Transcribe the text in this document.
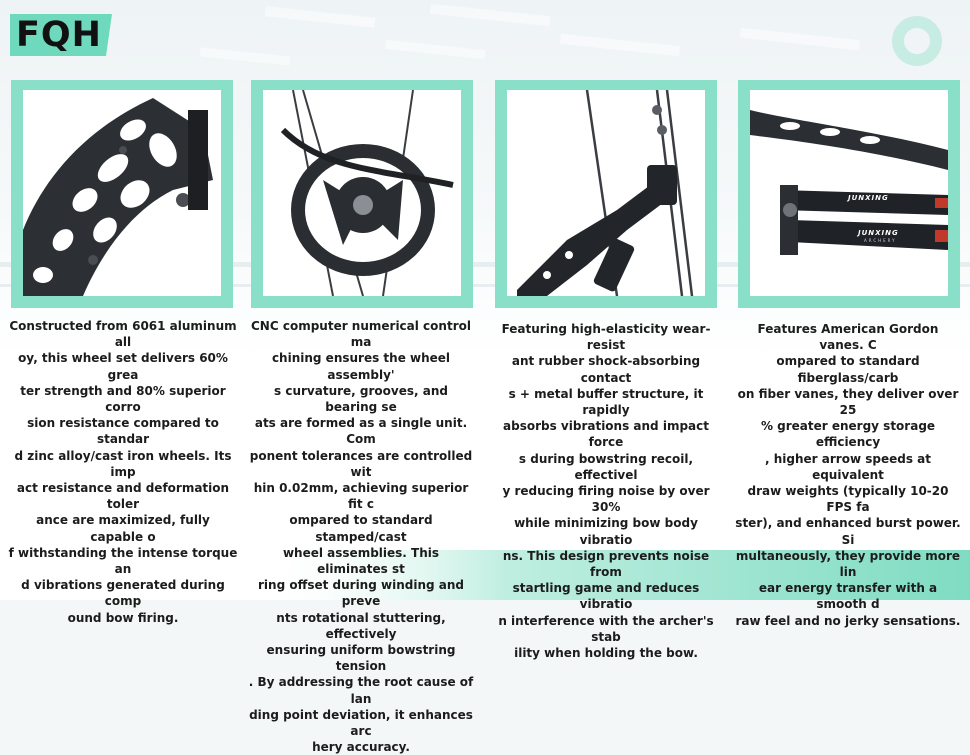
FQH
JUNXING
JUNXING
ARCHERY
Constructed from 6061 aluminum all
oy, this wheel set delivers 60% grea
ter strength and 80% superior corro
sion resistance compared to standar
d zinc alloy/cast iron wheels. Its imp
act resistance and deformation toler
ance are maximized, fully capable o
f withstanding the intense torque an
d vibrations generated during comp
ound bow firing.
CNC computer numerical control ma
chining ensures the wheel assembly'
s curvature, grooves, and bearing se
ats are formed as a single unit. Com
ponent tolerances are controlled wit
hin 0.02mm, achieving superior fit c
ompared to standard stamped/cast
wheel assemblies. This eliminates st
ring offset during winding and preve
nts rotational stuttering, effectively
ensuring uniform bowstring tension
. By addressing the root cause of lan
ding point deviation, it enhances arc
hery accuracy.
Featuring high-elasticity wear-resist
ant rubber shock-absorbing contact
s + metal buffer structure, it rapidly
absorbs vibrations and impact force
s during bowstring recoil, effectivel
y reducing firing noise by over 30%
while minimizing bow body vibratio
ns. This design prevents noise from
startling game and reduces vibratio
n interference with the archer's stab
ility when holding the bow.
Features American Gordon vanes. C
ompared to standard fiberglass/carb
on fiber vanes, they deliver over 25
% greater energy storage efficiency
, higher arrow speeds at equivalent
draw weights (typically 10-20 FPS fa
ster), and enhanced burst power. Si
multaneously, they provide more lin
ear energy transfer with a smooth d
raw feel and no jerky sensations.
